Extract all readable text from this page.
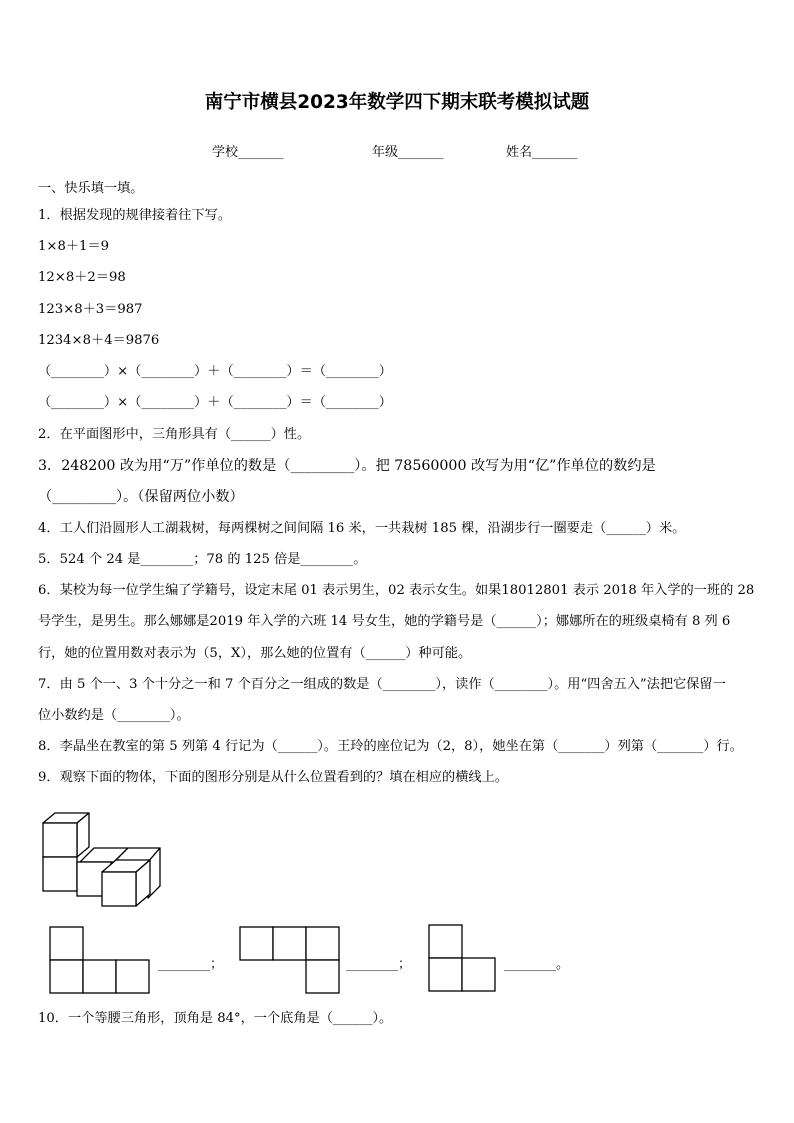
南宁市横县2023年数学四下期末联考模拟试题
学校_______	年级_______	姓名_______
一、快乐填一填。
1．根据发现的规律接着往下写。
1×8＋1＝9
12×8＋2＝98
123×8＋3＝987
1234×8＋4＝9876
（________）×（________）＋（________）＝（________）
（________）×（________）＋（________）＝（________）
2．在平面图形中，三角形具有（______）性。
3．248200 改为用“万”作单位的数是（_________）。把 78560000 改写为用“亿”作单位的数约是
（_________）。（保留两位小数）
4．工人们沿圆形人工湖栽树，每两棵树之间间隔 16 米，一共栽树 185 棵，沿湖步行一圈要走（______）米。
5．524 个 24 是________；78 的 125 倍是________。
6．某校为每一位学生编了学籍号，设定末尾 01 表示男生，02 表示女生。如果18012801 表示 2018 年入学的一班的 28
号学生，是男生。那么娜娜是2019 年入学的六班 14 号女生，她的学籍号是（______）；娜娜所在的班级桌椅有 8 列 6
行，她的位置用数对表示为（5，X），那么她的位置有（______）种可能。
7．由 5 个一、3 个十分之一和 7 个百分之一组成的数是（________），读作（________）。用“四舍五入”法把它保留一
位小数约是（________）。
8．李晶坐在教室的第 5 列第 4 行记为（______）。王玲的座位记为（2，8），她坐在第（_______）列第（_______）行。
9．观察下面的物体，下面的图形分别是从什么位置看到的？填在相应的横线上。
________；	________；	________。
10．一个等腰三角形，顶角是 84°，一个底角是（______）。
